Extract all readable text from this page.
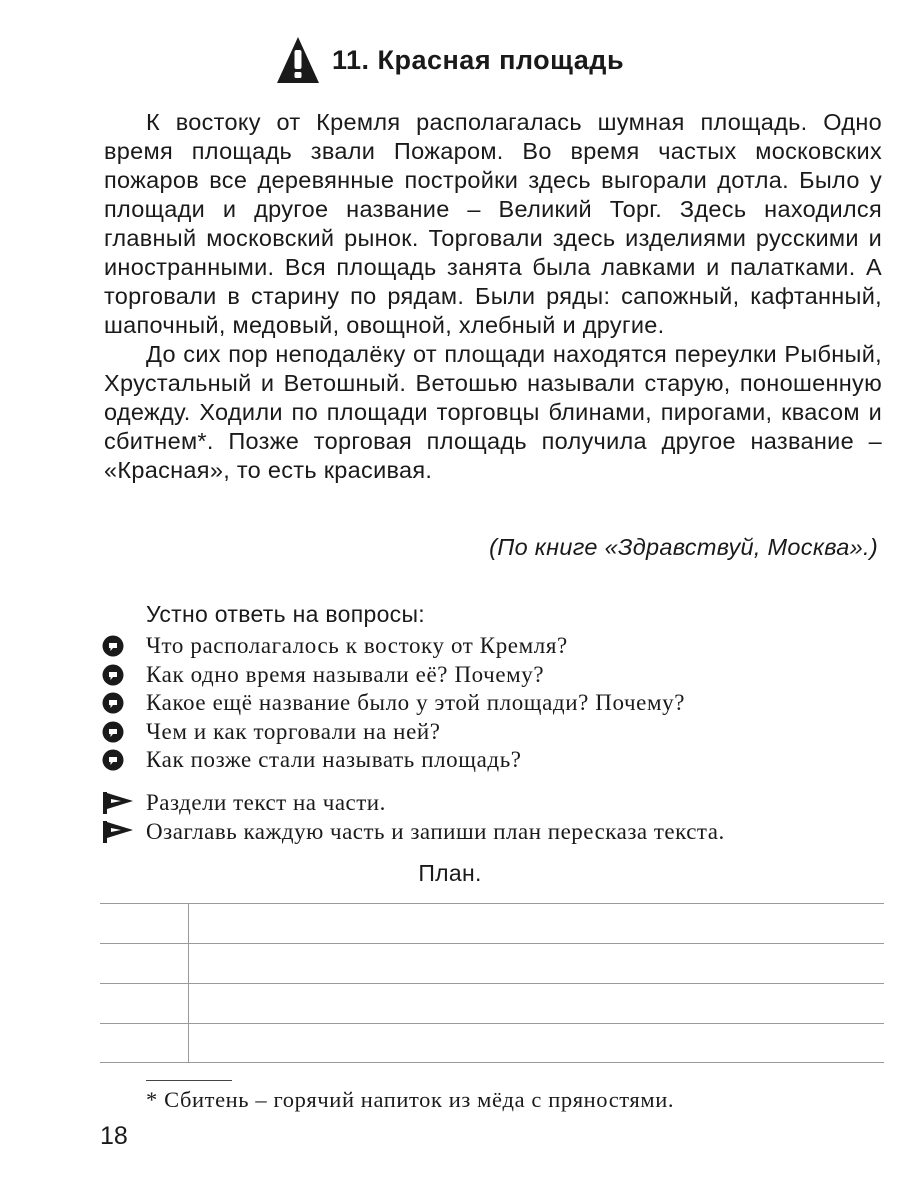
11. Красная площадь

К востоку от Кремля располагалась шумная площадь. Одно время площадь звали Пожаром. Во время частых московских пожаров все деревянные постройки здесь выгорали дотла. Было у площади и другое название – Великий Торг. Здесь находился главный московский рынок. Торговали здесь изделиями русскими и иностранными. Вся площадь занята была лавками и палатками. А торговали в старину по рядам. Были ряды: сапожный, кафтанный, шапочный, медовый, овощной, хлебный и другие.

До сих пор неподалёку от площади находятся переулки Рыбный, Хрустальный и Ветошный. Ветошью называли старую, поношенную одежду. Ходили по площади торговцы блинами, пирогами, квасом и сбитнем*. Позже торговая площадь получила другое название – «Красная», то есть красивая.

(По книге «Здравствуй, Москва».)
Устно ответь на вопросы:
Что располагалось к востоку от Кремля?
Как одно время называли её? Почему?
Какое ещё название было у этой площади? Почему?
Чем и как торговали на ней?
Как позже стали называть площадь?
Раздели текст на части.
Озаглавь каждую часть и запиши план пересказа текста.
План.
* Сбитень – горячий напиток из мёда с пряностями.
18
